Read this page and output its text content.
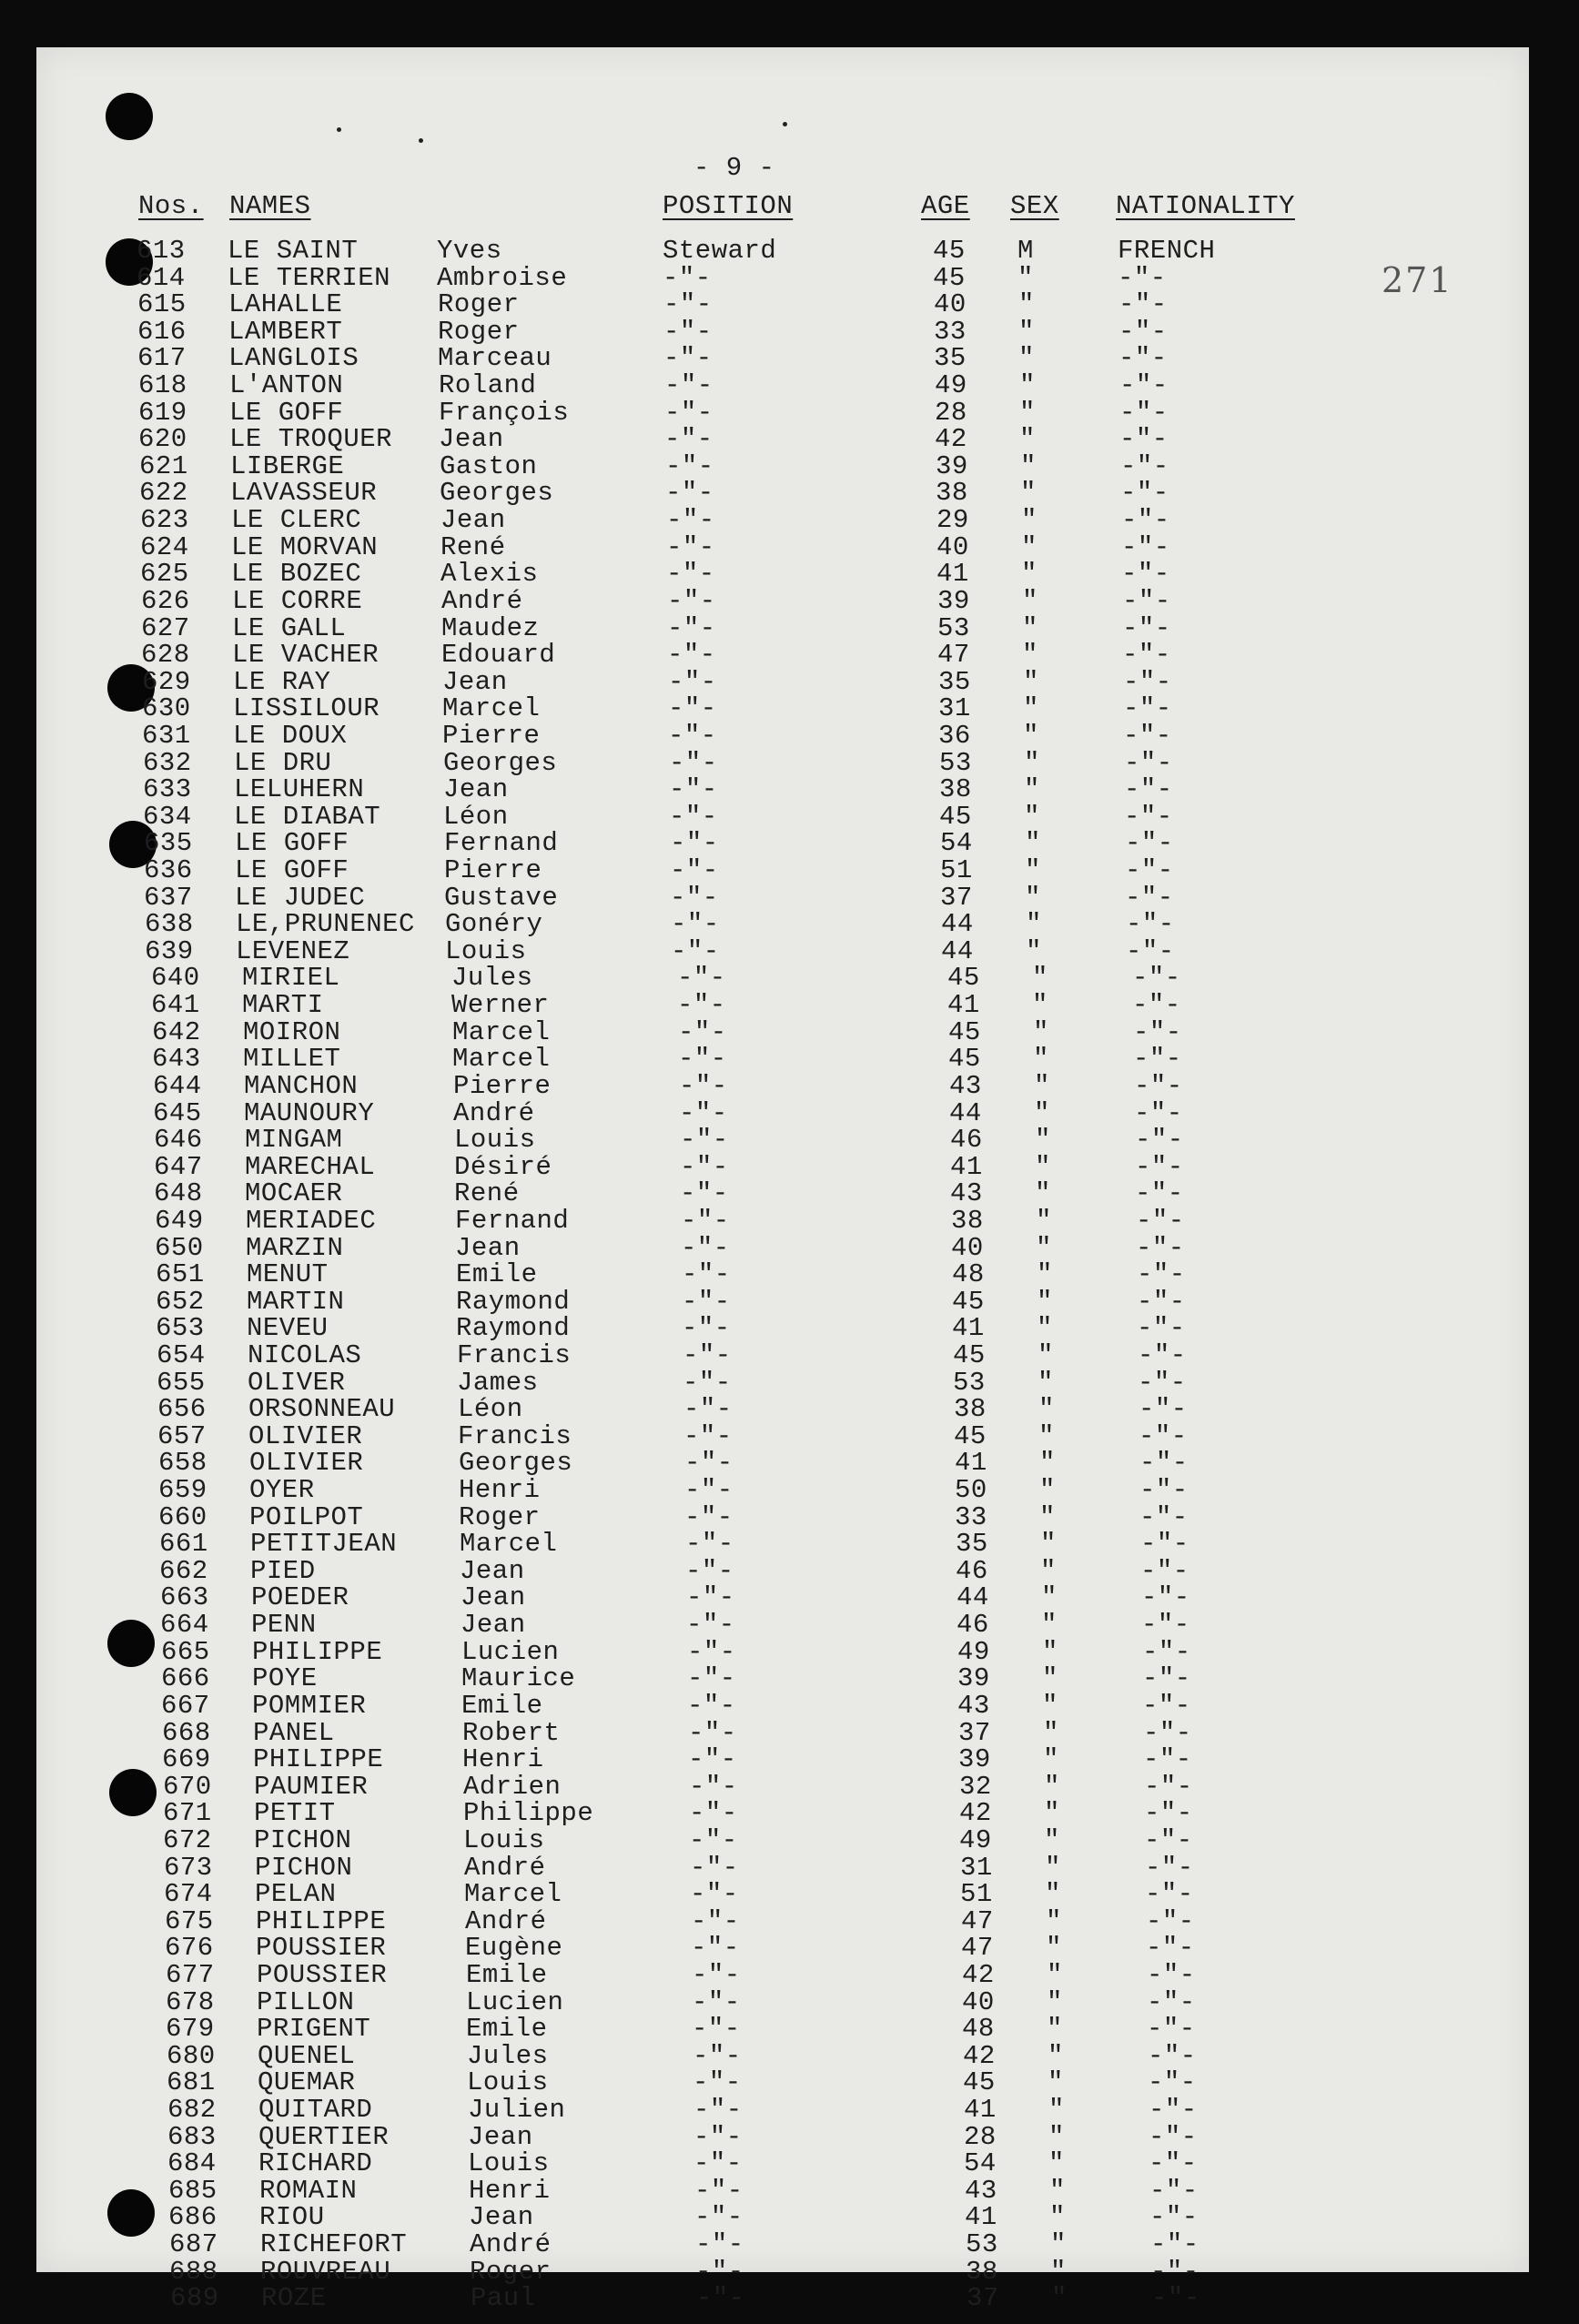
- 9 -
271
Nos. NAMES	POSITION	AGE SEX NATIONALITY
613 LE SAINT	Yves	Steward	45 M	FRENCH
614 LE TERRIEN Ambroise	-"-	45 "	-"-
615 LAHALLE	Roger	-"-	40 "	-"-
616 LAMBERT	Roger	-"-	33 "	-"-
617 LANGLOIS	Marceau	-"-	35 "	-"-
618 L'ANTON	Roland	-"-	49 "	-"-
619 LE GOFF	François	-"-	28 "	-"-
620 LE TROQUER Jean	-"-	42 "	-"-
621 LIBERGE	Gaston	-"-	39 "	-"-
622 LAVASSEUR Georges	-"-	38 "	-"-
623 LE CLERC	Jean	-"-	29 "	-"-
624 LE MORVAN René	-"-	40 "	-"-
625 LE BOZEC	Alexis	-"-	41 "	-"-
626 LE CORRE	André	-"-	39 "	-"-
627 LE GALL	Maudez	-"-	53 "	-"-
628 LE VACHER Edouard	-"-	47 "	-"-
629 LE RAY	Jean	-"-	35 "	-"-
630 LISSILOUR Marcel	-"-	31 "	-"-
631 LE DOUX	Pierre	-"-	36 "	-"-
632 LE DRU	Georges	-"-	53 "	-"-
633 LELUHERN	Jean	-"-	38 "	-"-
634 LE DIABAT Léon	-"-	45 "	-"-
635 LE GOFF	Fernand	-"-	54 "	-"-
636 LE GOFF	Pierre	-"-	51 "	-"-
637 LE JUDEC	Gustave	-"-	37 "	-"-
638 LE,PRUNENEC Gonéry	-"-	44 "	-"-
639 LEVENEZ	Louis	-"-	44 "	-"-
640 MIRIEL	Jules	-"-	45 "	-"-
641 MARTI	Werner	-"-	41 "	-"-
642 MOIRON	Marcel	-"-	45 "	-"-
643 MILLET	Marcel	-"-	45 "	-"-
644 MANCHON	Pierre	-"-	43 "	-"-
645 MAUNOURY	André	-"-	44 "	-"-
646 MINGAM	Louis	-"-	46 "	-"-
647 MARECHAL	Désiré	-"-	41 "	-"-
648 MOCAER	René	-"-	43 "	-"-
649 MERIADEC	Fernand	-"-	38 "	-"-
650 MARZIN	Jean	-"-	40 "	-"-
651 MENUT	Emile	-"-	48 "	-"-
652 MARTIN	Raymond	-"-	45 "	-"-
653 NEVEU	Raymond	-"-	41 "	-"-
654 NICOLAS	Francis	-"-	45 "	-"-
655 OLIVER	James	-"-	53 "	-"-
656 ORSONNEAU Léon	-"-	38 "	-"-
657 OLIVIER	Francis	-"-	45 "	-"-
658 OLIVIER	Georges	-"-	41 "	-"-
659 OYER	Henri	-"-	50 "	-"-
660 POILPOT	Roger	-"-	33 "	-"-
661 PETITJEAN Marcel	-"-	35 "	-"-
662 PIED	Jean	-"-	46 "	-"-
663 POEDER	Jean	-"-	44 "	-"-
664 PENN	Jean	-"-	46 "	-"-
665 PHILIPPE	Lucien	-"-	49 "	-"-
666 POYE	Maurice	-"-	39 "	-"-
667 POMMIER	Emile	-"-	43 "	-"-
668 PANEL	Robert	-"-	37 "	-"-
669 PHILIPPE	Henri	-"-	39 "	-"-
670 PAUMIER	Adrien	-"-	32 "	-"-
671 PETIT	Philippe	-"-	42 "	-"-
672 PICHON	Louis	-"-	49 "	-"-
673 PICHON	André	-"-	31 "	-"-
674 PELAN	Marcel	-"-	51 "	-"-
675 PHILIPPE	André	-"-	47 "	-"-
676 POUSSIER	Eugène	-"-	47 "	-"-
677 POUSSIER	Emile	-"-	42 "	-"-
678 PILLON	Lucien	-"-	40 "	-"-
679 PRIGENT	Emile	-"-	48 "	-"-
680 QUENEL	Jules	-"-	42 "	-"-
681 QUEMAR	Louis	-"-	45 "	-"-
682 QUITARD	Julien	-"-	41 "	-"-
683 QUERTIER	Jean	-"-	28 "	-"-
684 RICHARD	Louis	-"-	54 "	-"-
685 ROMAIN	Henri	-"-	43 "	-"-
686 RIOU	Jean	-"-	41 "	-"-
687 RICHEFORT André	-"-	53 "	-"-
688 ROUVREAU	Roger	-"-	38 "	-"-
689 ROZE	Paul	-"-	37 "	-"-
